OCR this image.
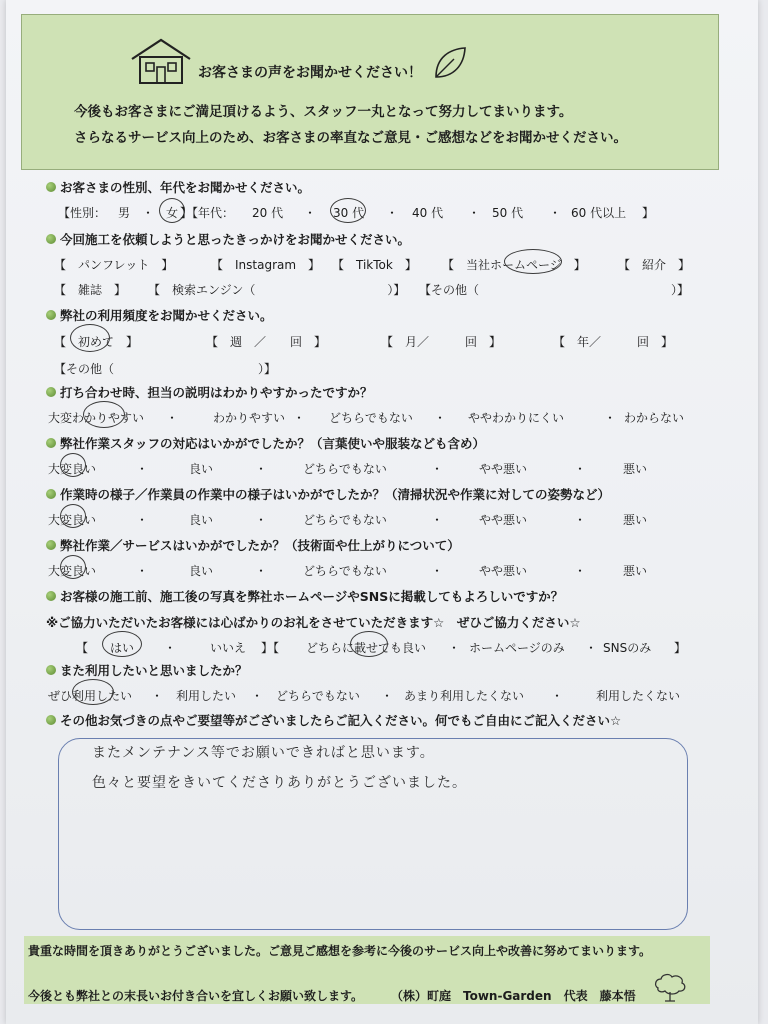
お客さまの声をお聞かせください！
今後もお客さまにご満足頂けるよう、スタッフ一丸となって努力してまいります。
さらなるサービス向上のため、お客さまの率直なご意見・ご感想などをお聞かせください。
お客さまの性別、年代をお聞かせください。
【性別： 男 ・ 女 】【年代： 20 代 ・ 30 代 ・ 40 代 ・ 50 代 ・ 60 代以上 】
今回施工を依頼しようと思ったきっかけをお聞かせください。
【　パンフレット　】	【　Instagram　】 【　TikTok　】 【　当社ホームページ　】	【　紹介　】
【　雑誌　】 【　検索エンジン（　　　　　　　　　　　）】 【その他（　　　　　　　　　　　　　　　　）】
弊社の利用頻度をお聞かせください。
【　初めて　】	【　週　／　　回　】	【　月／　　　回　】	【　年／　　　回　】
【その他（　　　　　　　　　　　　）】
打ち合わせ時、担当の説明はわかりやすかったですか？
大変わかりやすい ・	わかりやすい ・ どちらでもない ・ ややわかりにくい	・ わからない
弊社作業スタッフの対応はいかがでしたか？（言葉使いや服装なども含め）
大変良い	・	良い	・	どちらでもない	・	やや悪い	・	悪い
作業時の様子／作業員の作業中の様子はいかがでしたか？（清掃状況や作業に対しての姿勢など）
大変良い	・	良い	・	どちらでもない	・	やや悪い	・	悪い
弊社作業／サービスはいかがでしたか？（技術面や仕上がりについて）
大変良い	・	良い	・	どちらでもない	・	やや悪い	・	悪い
お客様の施工前、施工後の写真を弊社ホームページやSNSに掲載してもよろしいですか？
※ご協力いただいたお客様には心ばかりのお礼をさせていただきます☆　ぜひご協力ください☆
【 はい ・	いいえ 】【 どちらに載せても良い ・ ホームページのみ ・ SNSのみ 】
また利用したいと思いましたか？
ぜひ利用したい ・ 利用したい ・ どちらでもない ・ あまり利用したくない ・	利用したくない
その他お気づきの点やご要望等がございましたらご記入ください。何でもご自由にご記入ください☆
またメンテナンス等でお願いできればと思います。
色々と要望をきいてくださりありがとうございました。
貴重な時間を頂きありがとうございました。ご意見ご感想を参考に今後のサービス向上や改善に努めてまいります。
今後とも弊社との末長いお付き合いを宜しくお願い致します。 （株）町庭　Town-Garden　代表　藤本悟
